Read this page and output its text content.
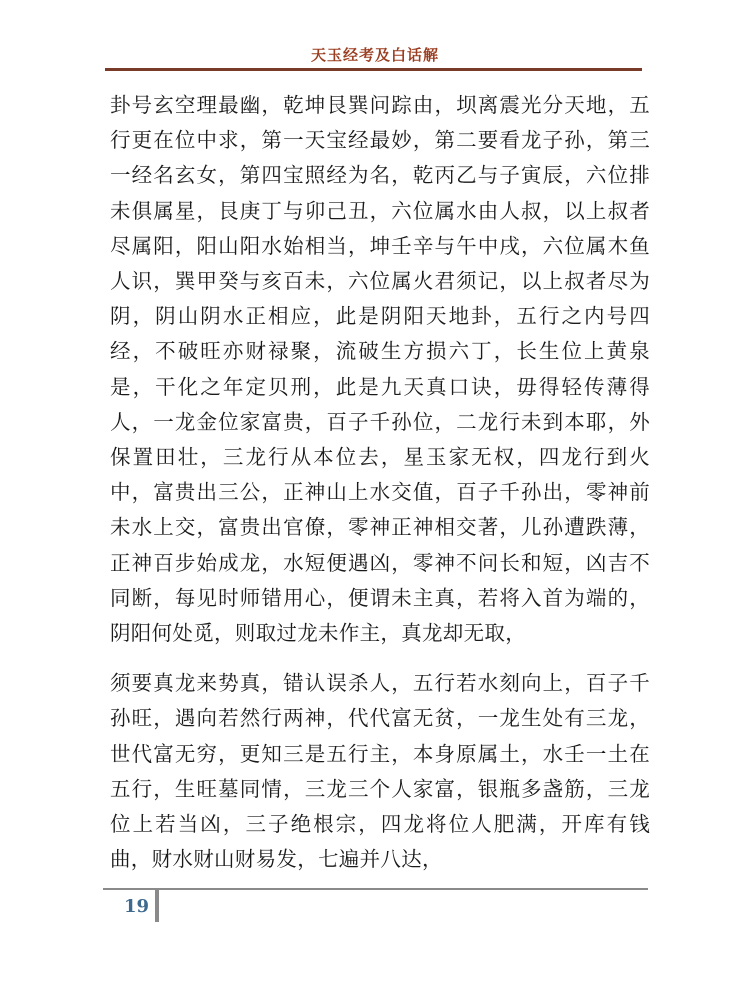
天玉经考及白话解

卦号玄空理最幽，乾坤艮巽问踪由，坝离震光分天地，五行更在位中求，第一天宝经最妙，第二要看龙子孙，第三一经名玄女，第四宝照经为名，乾丙乙与子寅辰，六位排未俱属星，艮庚丁与卯己丑，六位属水由人叔，以上叔者尽属阳，阳山阳水始相当，坤壬辛与午中戌，六位属木鱼人识，巽甲癸与亥百未，六位属火君须记，以上叔者尽为阴，阴山阴水正相应，此是阴阳天地卦，五行之内号四经，不破旺亦财禄聚，流破生方损六丁，长生位上黄泉是，干化之年定贝刑，此是九天真口诀，毋得轻传薄得人，一龙金位家富贵，百子千孙位，二龙行未到本耶，外保置田壮，三龙行从本位去，星玉家无权，四龙行到火中，富贵出三公，正神山上水交值，百子千孙出，零神前未水上交，富贵出官僚，零神正神相交著，儿孙遭跌薄，正神百步始成龙，水短便遇凶，零神不问长和短，凶吉不同断，每见时师错用心，便谓未主真，若将入首为端的，阴阳何处觅，则取过龙未作主，真龙却无取，

须要真龙来势真，错认误杀人，五行若水刻向上，百子千孙旺，遇向若然行两神，代代富无贫，一龙生处有三龙，世代富无穷，更知三是五行主，本身原属土，水壬一土在五行，生旺墓同情，三龙三个人家富，银瓶多盏筋，三龙位上若当凶，三子绝根宗，四龙将位人肥满，开库有钱曲，财水财山财易发，七遍并八达，

19
